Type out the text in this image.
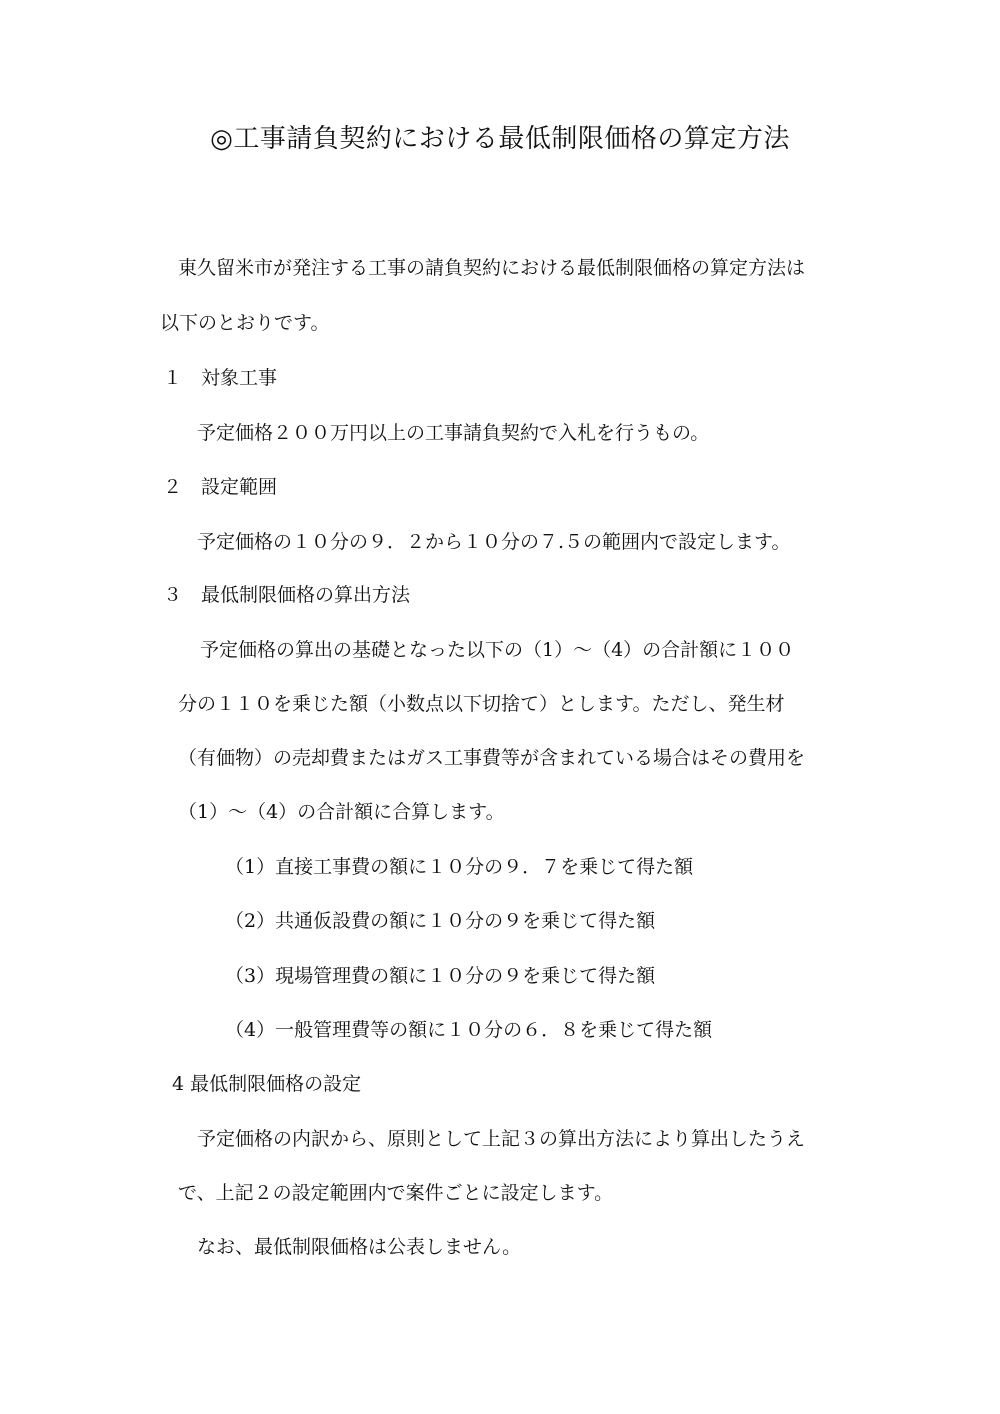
◎工事請負契約における最低制限価格の算定方法
東久留米市が発注する工事の請負契約における最低制限価格の算定方法は
以下のとおりです。
１　対象工事
予定価格２００万円以上の工事請負契約で入札を行うもの。
２　設定範囲
予定価格の１０分の９．２から１０分の７.５の範囲内で設定します。
３　最低制限価格の算出方法
予定価格の算出の基礎となった以下の（1）～（4）の合計額に１００
分の１１０を乗じた額（小数点以下切捨て）とします。ただし、発生材
（有価物）の売却費またはガス工事費等が含まれている場合はその費用を
（1）～（4）の合計額に合算します。
（1）直接工事費の額に１０分の９．７を乗じて得た額
（2）共通仮設費の額に１０分の９を乗じて得た額
（3）現場管理費の額に１０分の９を乗じて得た額
（4）一般管理費等の額に１０分の６．８を乗じて得た額
4 最低制限価格の設定
予定価格の内訳から、原則として上記３の算出方法により算出したうえ
で、上記２の設定範囲内で案件ごとに設定します。
なお、最低制限価格は公表しません。
